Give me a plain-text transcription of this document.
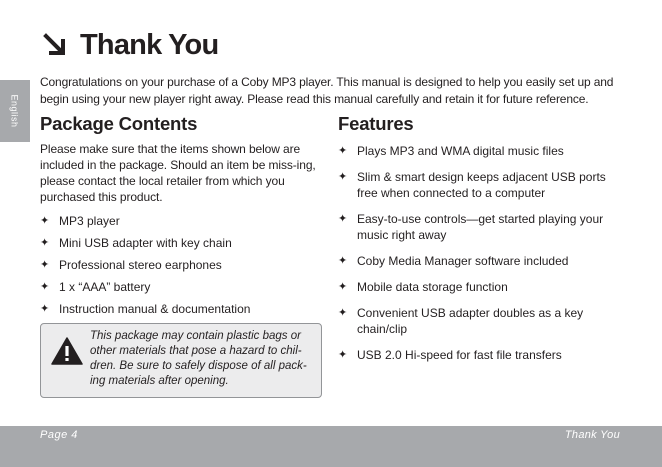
English
Thank You
Congratulations on your purchase of a Coby MP3 player. This manual is designed to help you easily set up and begin using your new player right away. Please read this manual carefully and retain it for future reference.
Package Contents
Please make sure that the items shown below are included in the package. Should an item be miss-ing, please contact the local retailer from which you purchased this product.
✦ MP3 player
✦ Mini USB adapter with key chain
✦ Professional stereo earphones
✦ 1 x “AAA” battery
✦ Instruction manual & documentation
This package may contain plastic bags or other materials that pose a hazard to chil-dren. Be sure to safely dispose of all pack-ing materials after opening.
Features
✦ Plays MP3 and WMA digital music files
✦ Slim & smart design keeps adjacent USB ports free when connected to a computer
✦ Easy-to-use controls—get started playing your music right away
✦ Coby Media Manager software included
✦ Mobile data storage function
✦ Convenient USB adapter doubles as a key chain/clip
✦ USB 2.0 Hi-speed for fast file transfers
Page 4	Thank You
